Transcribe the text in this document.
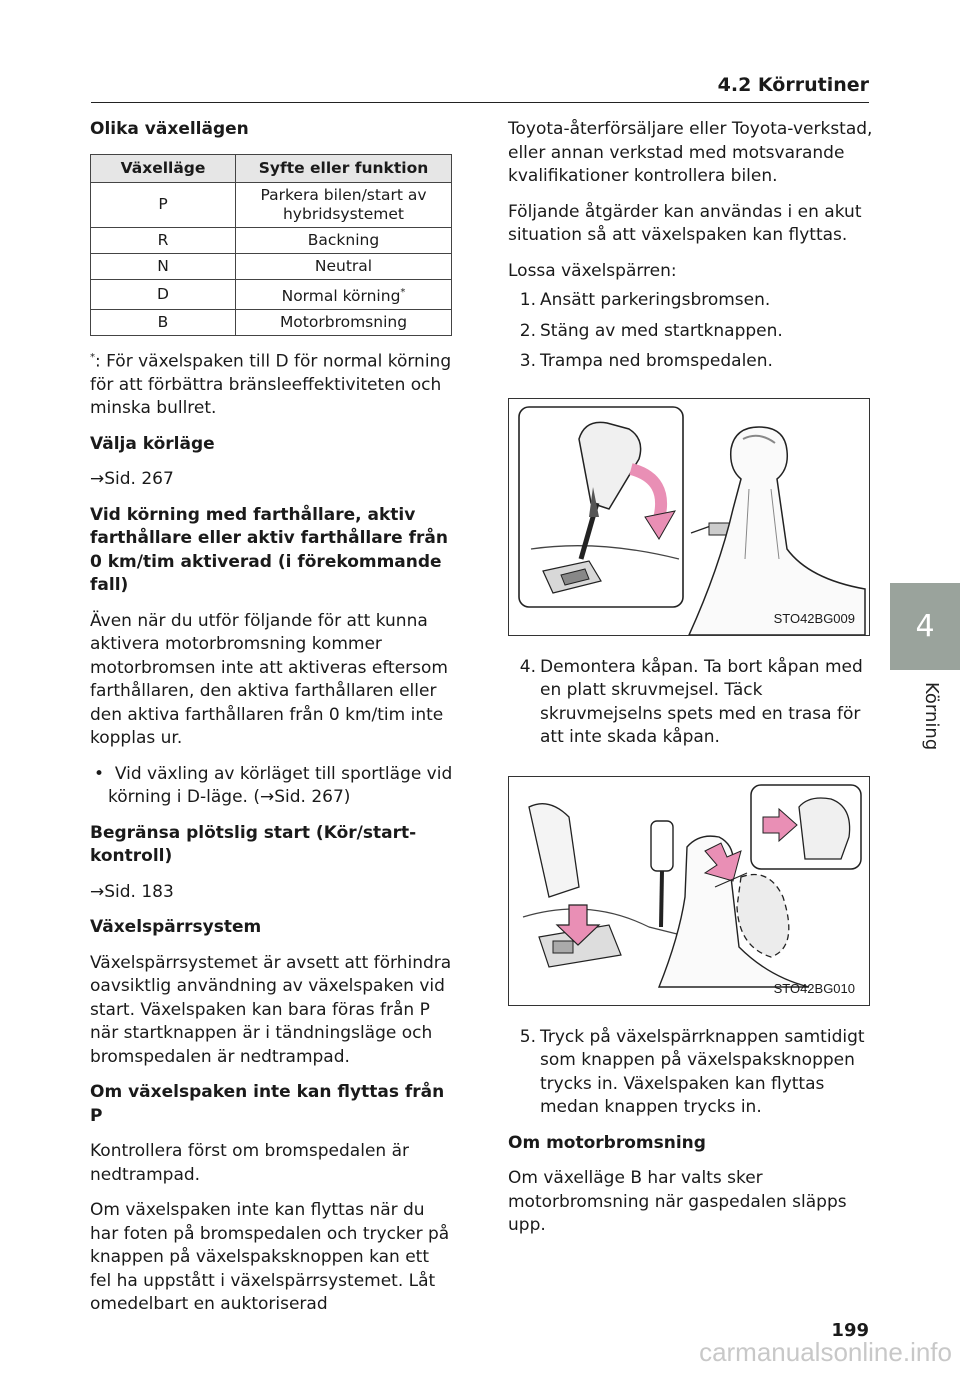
4.2 Körrutiner
Olika växellägen
Växelläge	Syfte eller funktion
P	Parkera bilen/start av hybridsystemet
R	Backning
N	Neutral
D	Normal körning*
B	Motorbromsning

*: För växelspaken till D för normal körning för att förbättra bränsleeffektiviteten och minska bullret.

Välja körläge

→Sid. 267

Vid körning med farthållare, aktiv farthållare eller aktiv farthållare från 0 km/tim aktiverad (i förekommande fall)

Även när du utför följande för att kunna aktivera motorbromsning kommer motorbromsen inte att aktiveras eftersom farthållaren, den aktiva farthållaren eller den aktiva farthållaren från 0 km/tim inte kopplas ur.

•  Vid växling av körläget till sportläge vid körning i D-läge. (→Sid. 267)

Begränsa plötslig start (Kör/start-kontroll)

→Sid. 183

Växelspärrsystem

Växelspärrsystemet är avsett att förhindra oavsiktlig användning av växelspaken vid start. Växelspaken kan bara föras från P när startknappen är i tändningsläge och bromspedalen är nedtrampad.

Om växelspaken inte kan flyttas från P

Kontrollera först om bromspedalen är nedtrampad.

Om växelspaken inte kan flyttas när du har foten på bromspedalen och trycker på knappen på växelspaksknoppen kan ett fel ha uppstått i växelspärrsystemet. Låt omedelbart en auktoriserad

Toyota-återförsäljare eller Toyota-verkstad, eller annan verkstad med motsvarande kvalifikationer kontrollera bilen.

Följande åtgärder kan användas i en akut situation så att växelspaken kan flyttas.

Lossa växelspärren:

1. Ansätt parkeringsbromsen.
2. Stäng av med startknappen.
3. Trampa ned bromspedalen.
STO42BG009
4. Demontera kåpan. Ta bort kåpan med en platt skruvmejsel. Täck skruvmejselns spets med en trasa för att inte skada kåpan.
STO42BG010
5. Tryck på växelspärrknappen samtidigt som knappen på växelspaksknoppen trycks in. Växelspaken kan flyttas medan knappen trycks in.
Om motorbromsning

Om växelläge B har valts sker motorbromsning när gaspedalen släpps upp.

4
Körning
199
carmanualsonline.info
